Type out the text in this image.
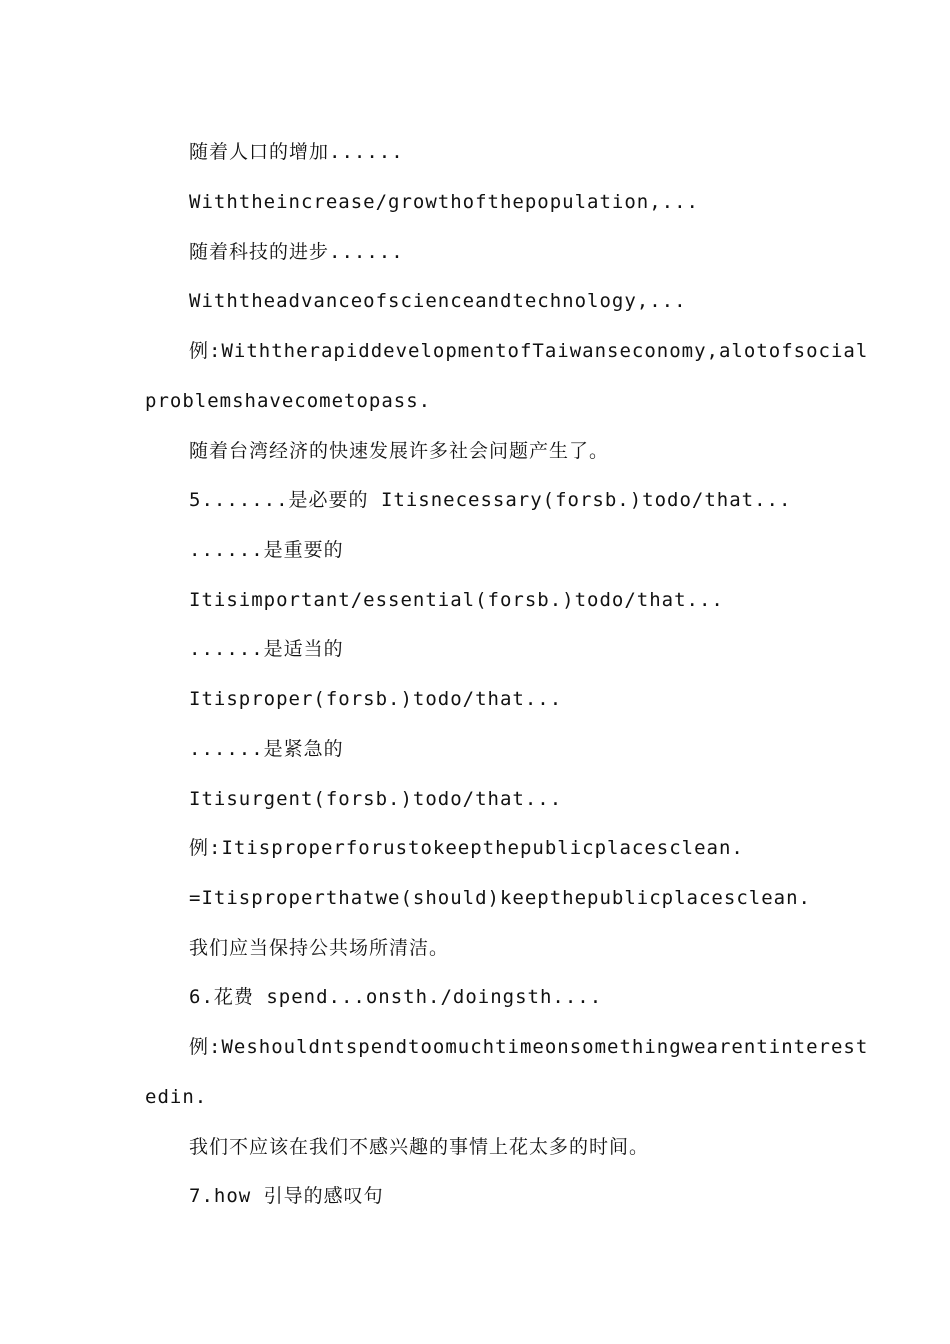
随着人口的增加......
Withtheincrease/growthofthepopulation,...
随着科技的进步......
Withtheadvanceofscienceandtechnology,...
例:WiththerapiddevelopmentofTaiwanseconomy,alotofsocial
problemshavecometopass.
随着台湾经济的快速发展许多社会问题产生了。
5.......是必要的 Itisnecessary(forsb.)todo/that...
......是重要的
Itisimportant/essential(forsb.)todo/that...
......是适当的
Itisproper(forsb.)todo/that...
......是紧急的
Itisurgent(forsb.)todo/that...
例:Itisproperforustokeepthepublicplacesclean.
=Itisproperthatwe(should)keepthepublicplacesclean.
我们应当保持公共场所清洁。
6.花费 spend...onsth./doingsth....
例:Weshouldntspendtoomuchtimeonsomethingwearentinterest
edin.
我们不应该在我们不感兴趣的事情上花太多的时间。
7.how 引导的感叹句
